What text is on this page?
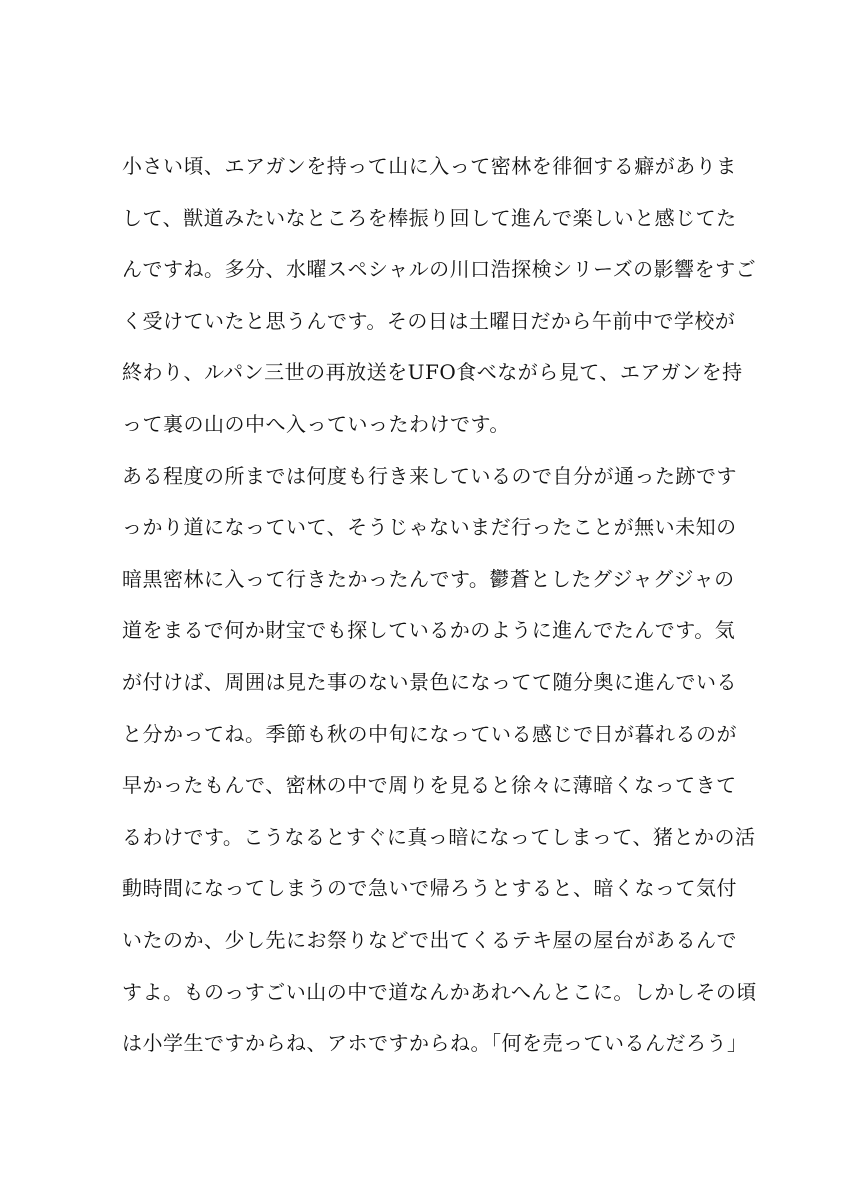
小さい頃、エアガンを持って山に入って密林を徘徊する癖がありま
して、獣道みたいなところを棒振り回して進んで楽しいと感じてた
んですね。多分、水曜スペシャルの川口浩探検シリーズの影響をすご
く受けていたと思うんです。その日は土曜日だから午前中で学校が
終わり、ルパン三世の再放送をUFO食べながら見て、エアガンを持
って裏の山の中へ入っていったわけです。
ある程度の所までは何度も行き来しているので自分が通った跡です
っかり道になっていて、そうじゃないまだ行ったことが無い未知の
暗黒密林に入って行きたかったんです。鬱蒼としたグジャグジャの
道をまるで何か財宝でも探しているかのように進んでたんです。気
が付けば、周囲は見た事のない景色になってて随分奥に進んでいる
と分かってね。季節も秋の中旬になっている感じで日が暮れるのが
早かったもんで、密林の中で周りを見ると徐々に薄暗くなってきて
るわけです。こうなるとすぐに真っ暗になってしまって、猪とかの活
動時間になってしまうので急いで帰ろうとすると、暗くなって気付
いたのか、少し先にお祭りなどで出てくるテキ屋の屋台があるんで
すよ。ものっすごい山の中で道なんかあれへんとこに。しかしその頃
は小学生ですからね、アホですからね。「何を売っているんだろう」
